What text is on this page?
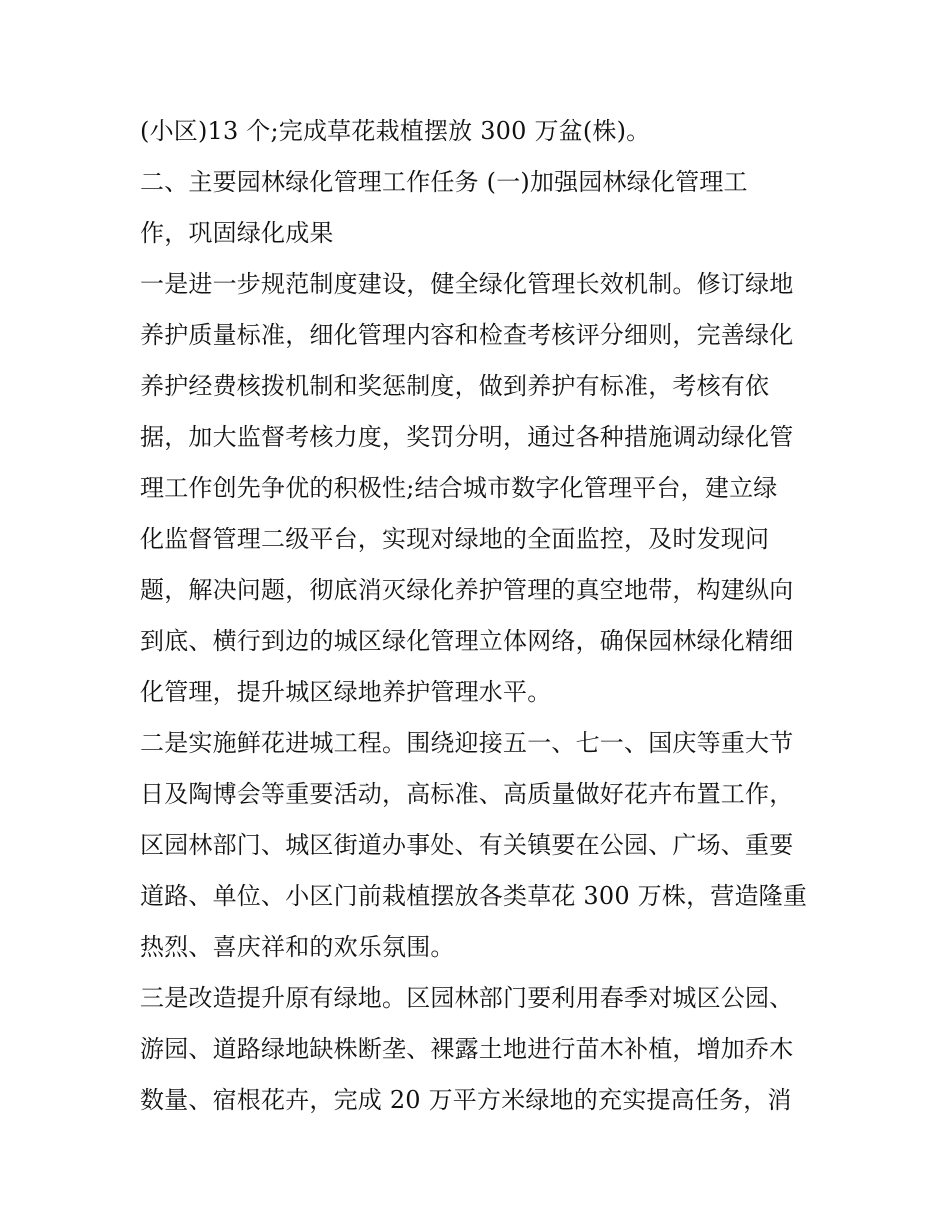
(小区)13 个;完成草花栽植摆放 300 万盆(株)。
二、主要园林绿化管理工作任务 (一)加强园林绿化管理工
作，巩固绿化成果
一是进一步规范制度建设，健全绿化管理长效机制。修订绿地
养护质量标准，细化管理内容和检查考核评分细则，完善绿化
养护经费核拨机制和奖惩制度，做到养护有标准，考核有依
据，加大监督考核力度，奖罚分明，通过各种措施调动绿化管
理工作创先争优的积极性;结合城市数字化管理平台，建立绿
化监督管理二级平台，实现对绿地的全面监控，及时发现问
题，解决问题，彻底消灭绿化养护管理的真空地带，构建纵向
到底、横行到边的城区绿化管理立体网络，确保园林绿化精细
化管理，提升城区绿地养护管理水平。
二是实施鲜花进城工程。围绕迎接五一、七一、国庆等重大节
日及陶博会等重要活动，高标准、高质量做好花卉布置工作，
区园林部门、城区街道办事处、有关镇要在公园、广场、重要
道路、单位、小区门前栽植摆放各类草花 300 万株，营造隆重
热烈、喜庆祥和的欢乐氛围。
三是改造提升原有绿地。区园林部门要利用春季对城区公园、
游园、道路绿地缺株断垄、裸露土地进行苗木补植，增加乔木
数量、宿根花卉，完成 20 万平方米绿地的充实提高任务，消
